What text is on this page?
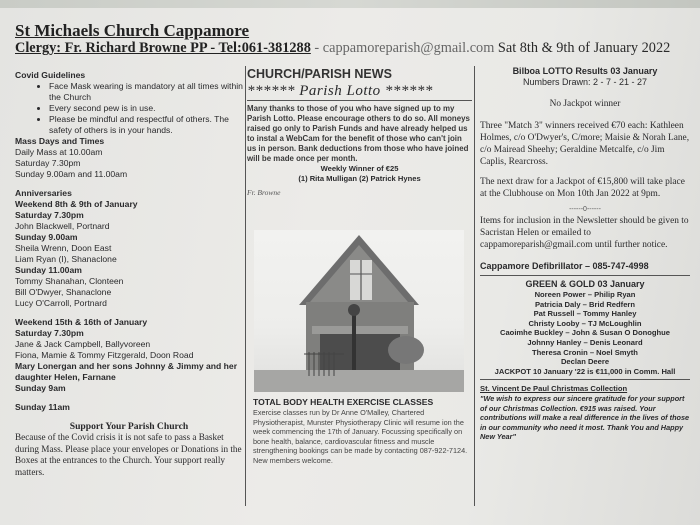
St Michaels Church Cappamore
Clergy: Fr. Richard Browne PP - Tel:061-381288 - cappamoreparish@gmail.com Sat 8th & 9th of January 2022
Covid Guidelines
• Face Mask wearing is mandatory at all times within the Church
• Every second pew is in use.
• Please be mindful and respectful of others. The safety of others is in your hands.
Mass Days and Times
Daily Mass at 10.00am
Saturday 7.30pm
Sunday 9.00am and 11.00am
Anniversaries
Weekend 8th & 9th of January
Saturday 7.30pm
John Blackwell, Portnard
Sunday 9.00am
Sheila Wrenn, Doon East
Liam Ryan (I), Shanaclone
Sunday 11.00am
Tommy Shanahan, Clonteen
Bill O'Dwyer, Shanaclone
Lucy O'Carroll, Portnard
Weekend 15th & 16th of January
Saturday 7.30pm
Jane & Jack Campbell, Ballyvoreen
Fiona, Mamie & Tommy Fitzgerald, Doon Road
Mary Lonergan and her sons Johnny & Jimmy and her daughter Helen, Farnane
Sunday 9am
Sunday 11am
Support Your Parish Church
Because of the Covid crisis it is not safe to pass a Basket during Mass. Please place your envelopes or Donations in the Boxes at the entrances to the Church. Your support really matters.
CHURCH/PARISH NEWS
****** Parish Lotto ******
Many thanks to those of you who have signed up to my Parish Lotto. Please encourage others to do so. All moneys raised go only to Parish Funds and have already helped us to instal a WebCam for the benefit of those who can't join us in person. Bank deductions from those who have joined will be made once per month.
Weekly Winner of €25
(1) Rita Mulligan (2) Patrick Hynes
Fr. Browne
TOTAL BODY HEALTH EXERCISE CLASSES
Exercise classes run by Dr Anne O'Malley, Chartered Physiotherapist, Munster Physiotherapy Clinic will resume ion the week commencing the 17th of January. Focussing specifically on bone health, balance, cardiovascular fitness and muscle strengthening bookings can be made by contacting 087-922-7124. New members welcome.
Bilboa LOTTO Results 03 January
Numbers Drawn: 2 - 7 - 21 - 27
No Jackpot winner
Three "Match 3" winners received €70 each: Kathleen Holmes, c/o O'Dwyer's, C/more; Maisie & Norah Lane, c/o Mairead Sheehy; Geraldine Metcalfe, c/o Jim Caplis, Rearcross.
The next draw for a Jackpot of €15,800 will take place at the Clubhouse on Mon 10th Jan 2022 at 9pm.
------0------
Items for inclusion in the Newsletter should be given to Sacristan Helen or emailed to cappamoreparish@gmail.com until further notice.
Cappamore Defibrillator – 085-747-4998
GREEN & GOLD 03 January
Noreen Power – Philip Ryan
Patricia Daly – Brid Redfern
Pat Russell – Tommy Hanley
Christy Looby – TJ McLoughlin
Caoimhe Buckley – John & Susan O Donoghue
Johnny Hanley – Denis Leonard
Theresa Cronin – Noel Smyth
Declan Deere
JACKPOT 10 January '22 is €11,000 in Comm. Hall
St. Vincent De Paul Christmas Collection
"We wish to express our sincere gratitude for your support of our Christmas Collection. €915 was raised. Your contributions will make a real difference in the lives of those in our community who need it most. Thank You and Happy New Year"
